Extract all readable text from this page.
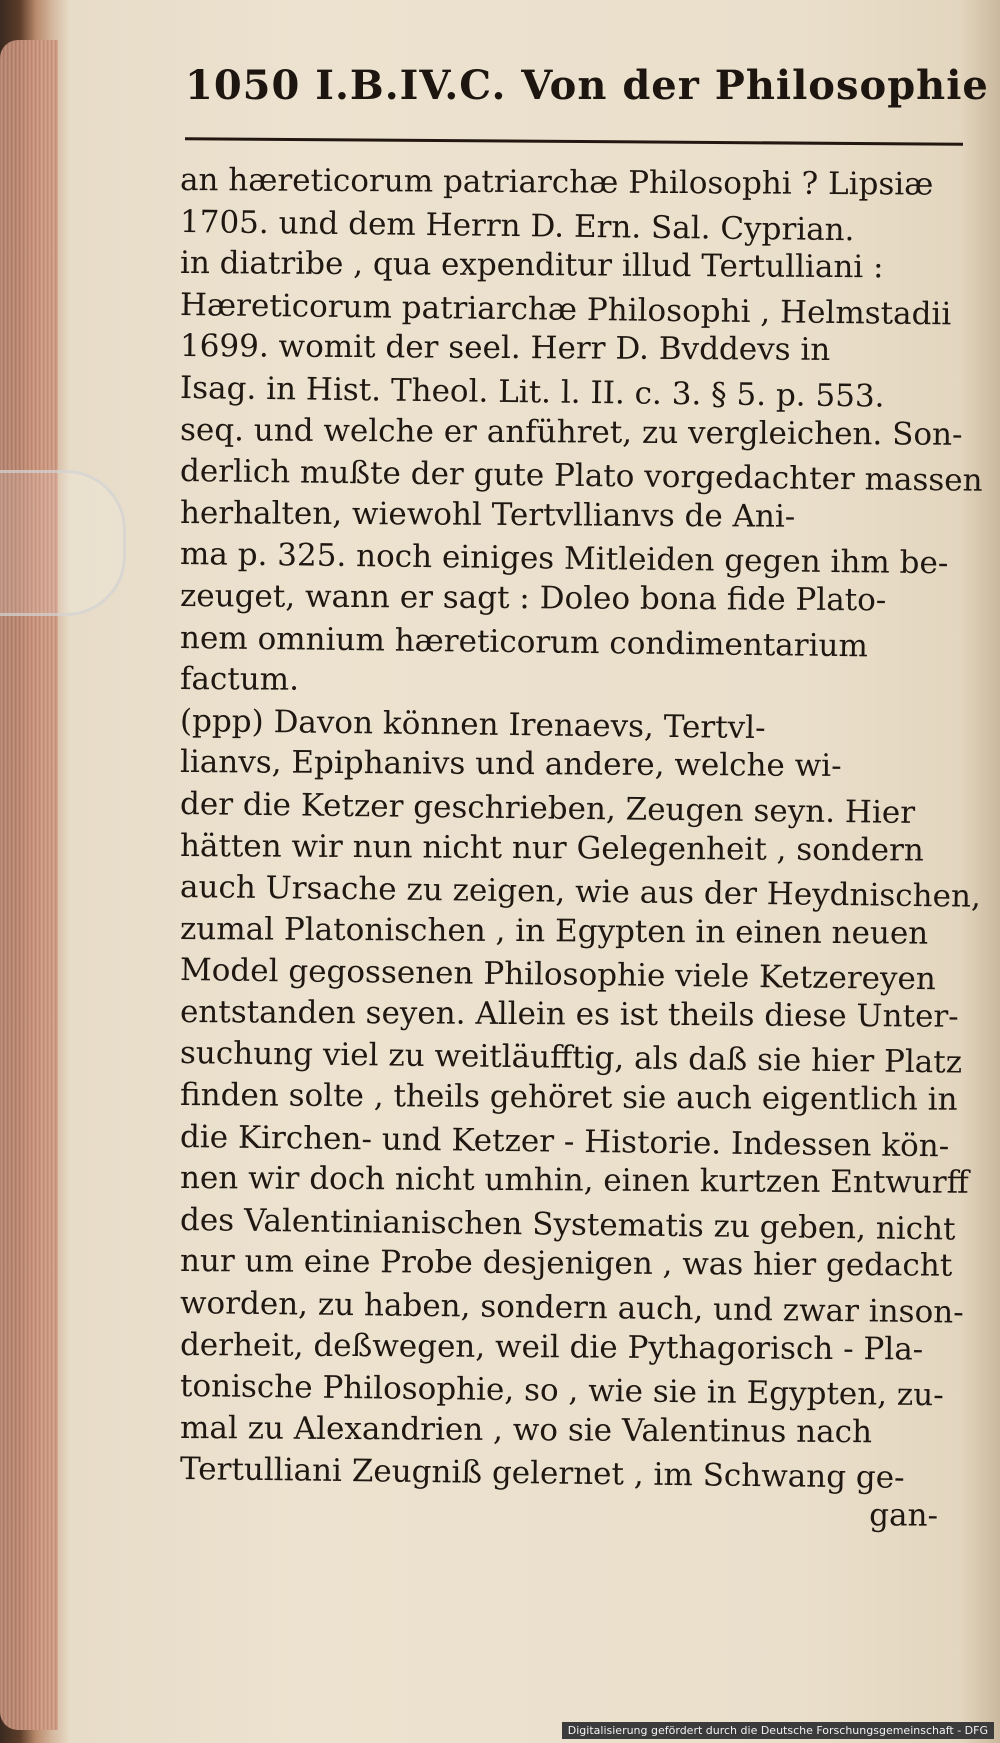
1050 I.B.IV.C. Von der Philosophie
an hæreticorum patriarchæ Philosophi ? Lipsiæ
1705. und dem Herrn D. Ern. Sal. Cyprian.
in diatribe , qua expenditur illud Tertulliani :
Hæreticorum patriarchæ Philosophi , Helmstadii
1699. womit der seel. Herr D. Bvddevs in
Isag. in Hist. Theol. Lit. l. II. c. 3. § 5. p. 553.
seq. und welche er anführet, zu vergleichen. Son-
derlich mußte der gute Plato vorgedachter massen
herhalten, wiewohl Tertvllianvs de Ani-
ma p. 325. noch einiges Mitleiden gegen ihm be-
zeuget, wann er sagt : Doleo bona fide Plato-
nem omnium hæreticorum condimentarium
factum.
(ppp) Davon können Irenaevs, Tertvl-
lianvs, Epiphanivs und andere, welche wi-
der die Ketzer geschrieben, Zeugen seyn. Hier
hätten wir nun nicht nur Gelegenheit , sondern
auch Ursache zu zeigen, wie aus der Heydnischen,
zumal Platonischen , in Egypten in einen neuen
Model gegossenen Philosophie viele Ketzereyen
entstanden seyen. Allein es ist theils diese Unter-
suchung viel zu weitläufftig, als daß sie hier Platz
finden solte , theils gehöret sie auch eigentlich in
die Kirchen- und Ketzer - Historie. Indessen kön-
nen wir doch nicht umhin, einen kurtzen Entwurff
des Valentinianischen Systematis zu geben, nicht
nur um eine Probe desjenigen , was hier gedacht
worden, zu haben, sondern auch, und zwar inson-
derheit, deßwegen, weil die Pythagorisch - Pla-
tonische Philosophie, so , wie sie in Egypten, zu-
mal zu Alexandrien , wo sie Valentinus nach
Tertulliani Zeugniß gelernet , im Schwang ge-
gan-
Digitalisierung gefördert durch die Deutsche Forschungsgemeinschaft - DFG
